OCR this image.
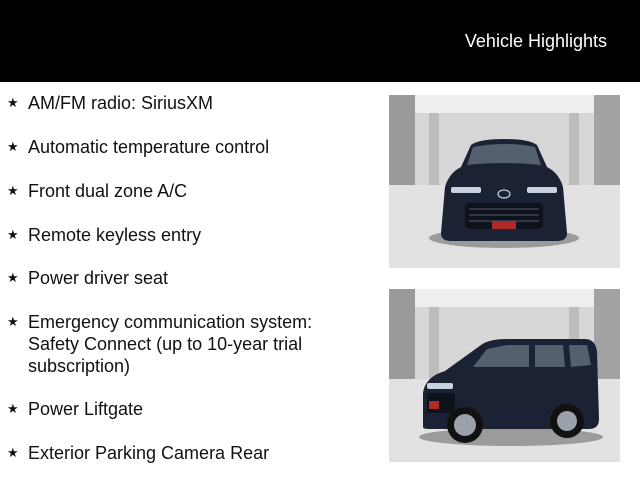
Vehicle Highlights
★ AM/FM radio: SiriusXM
★ Automatic temperature control
★ Front dual zone A/C
★ Remote keyless entry
★ Power driver seat
★ Emergency communication system: Safety Connect (up to 10-year trial subscription)
★ Power Liftgate
★ Exterior Parking Camera Rear
